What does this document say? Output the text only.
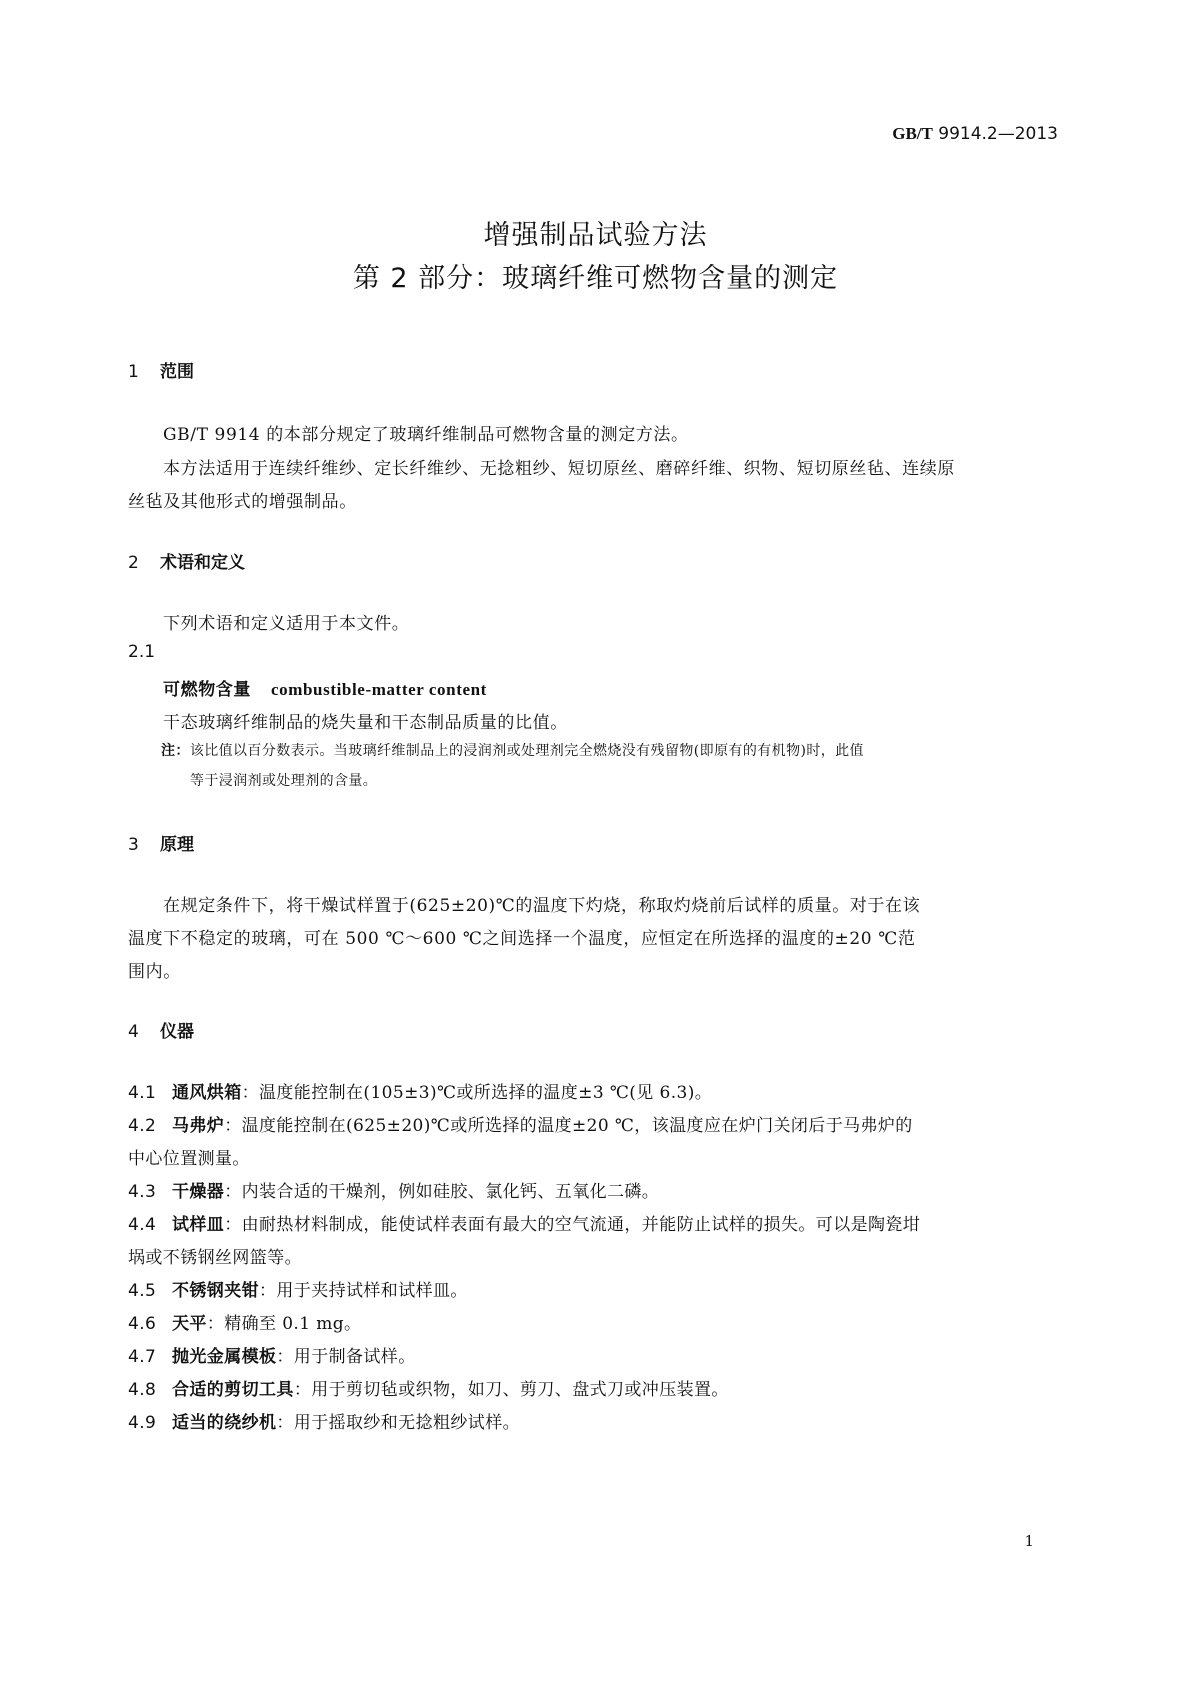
GB/T 9914.2—2013
增强制品试验方法
第 2 部分：玻璃纤维可燃物含量的测定
1 范围
GB/T 9914 的本部分规定了玻璃纤维制品可燃物含量的测定方法。
本方法适用于连续纤维纱、定长纤维纱、无捻粗纱、短切原丝、磨碎纤维、织物、短切原丝毡、连续原
丝毡及其他形式的增强制品。
2 术语和定义
下列术语和定义适用于本文件。
2.1
可燃物含量 combustible-matter content
干态玻璃纤维制品的烧失量和干态制品质量的比值。
注：该比值以百分数表示。当玻璃纤维制品上的浸润剂或处理剂完全燃烧没有残留物(即原有的有机物)时，此值
等于浸润剂或处理剂的含量。
3 原理
在规定条件下，将干燥试样置于(625±20)℃的温度下灼烧，称取灼烧前后试样的质量。对于在该
温度下不稳定的玻璃，可在 500 ℃～600 ℃之间选择一个温度，应恒定在所选择的温度的±20 ℃范
围内。
4 仪器
4.1 通风烘箱：温度能控制在(105±3)℃或所选择的温度±3 ℃(见 6.3)。
4.2 马弗炉：温度能控制在(625±20)℃或所选择的温度±20 ℃，该温度应在炉门关闭后于马弗炉的
中心位置测量。
4.3 干燥器：内装合适的干燥剂，例如硅胶、氯化钙、五氧化二磷。
4.4 试样皿：由耐热材料制成，能使试样表面有最大的空气流通，并能防止试样的损失。可以是陶瓷坩
埚或不锈钢丝网篮等。
4.5 不锈钢夹钳：用于夹持试样和试样皿。
4.6 天平：精确至 0.1 mg。
4.7 抛光金属模板：用于制备试样。
4.8 合适的剪切工具：用于剪切毡或织物，如刀、剪刀、盘式刀或冲压装置。
4.9 适当的绕纱机：用于摇取纱和无捻粗纱试样。
1
